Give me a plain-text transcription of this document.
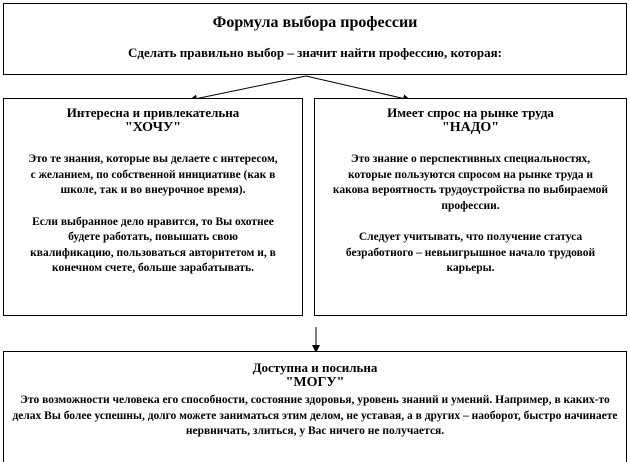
Формула выбора профессии
Сделать правильно выбор – значит найти профессию, которая:
Интересна и привлекательна
"ХОЧУ"
Это те знания, которые вы делаете с интересом, с желанием, по собственной инициативе (как в школе, так и во внеурочное время).
Если выбранное дело нравится, то Вы охотнее будете работать, повышать свою квалификацию, пользоваться авторитетом и, в конечном счете, больше зарабатывать.
Имеет спрос на рынке труда
"НАДО"
Это знание о перспективных специальностях, которые пользуются спросом на рынке труда и какова вероятность трудоустройства по выбираемой профессии.
Следует учитывать, что получение статуса безработного – невыигрышное начало трудовой карьеры.
Доступна и посильна
"МОГУ"
Это возможности человека его способности, состояние здоровья, уровень знаний и умений. Например, в каких-то делах Вы более успешны, долго можете заниматься этим делом, не уставая, а в других – наоборот, быстро начинаете нервничать, злиться, у Вас ничего не получается.
